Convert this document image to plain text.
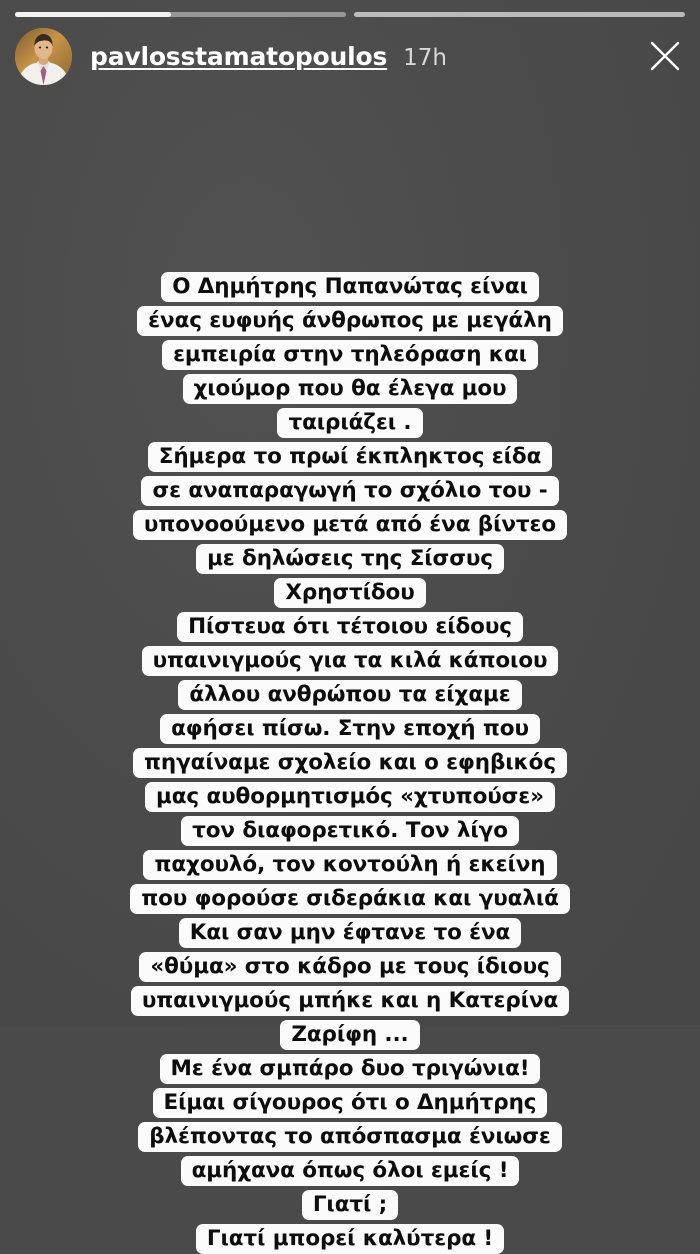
pavlosstamatopoulos 17h
Ο Δημήτρης Παπανώτας είναι
ένας ευφυής άνθρωπος με μεγάλη
εμπειρία στην τηλεόραση και
χιούμορ που θα έλεγα μου
ταιριάζει .
Σήμερα το πρωί έκπληκτος είδα
σε αναπαραγωγή το σχόλιο του -
υπονοούμενο μετά από ένα βίντεο
με δηλώσεις της Σίσσυς
Χρηστίδου
Πίστευα ότι τέτοιου είδους
υπαινιγμούς για τα κιλά κάποιου
άλλου ανθρώπου τα είχαμε
αφήσει πίσω. Στην εποχή που
πηγαίναμε σχολείο και ο εφηβικός
μας αυθορμητισμός «χτυπούσε»
τον διαφορετικό. Τον λίγο
παχουλό, τον κοντούλη ή εκείνη
που φορούσε σιδεράκια και γυαλιά
Και σαν μην έφτανε το ένα
«θύμα» στο κάδρο με τους ίδιους
υπαινιγμούς μπήκε και η Κατερίνα
Ζαρίφη ...
Με ένα σμπάρο δυο τριγώνια!
Είμαι σίγουρος ότι ο Δημήτρης
βλέποντας το απόσπασμα ένιωσε
αμήχανα όπως όλοι εμείς !
Γιατί ;
Γιατί μπορεί καλύτερα !
